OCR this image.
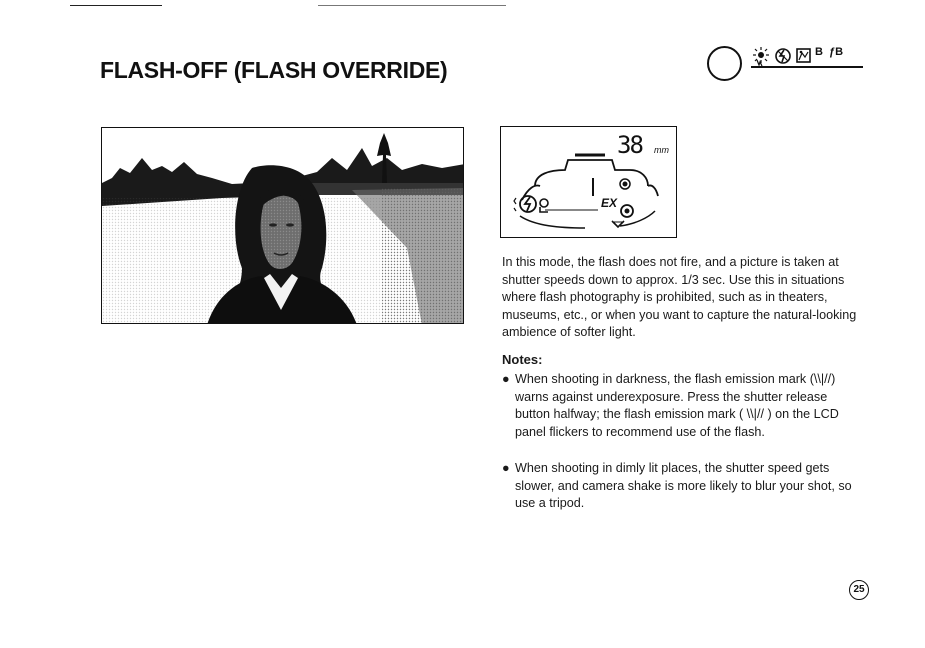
FLASH-OFF (FLASH OVERRIDE)
B ƒB
38 mm
EX

In this mode, the flash does not fire, and a picture is taken at shutter speeds down to approx. 1/3 sec. Use this in situations where flash photography is prohibited, such as in theaters, museums, etc., or when you want to capture the natural-looking ambience of softer light.

Notes:
● When shooting in darkness, the flash emission mark (\\|//) warns against underexposure. Press the shutter release button halfway; the flash emission mark ( \\|// ) on the LCD panel flickers to recommend use of the flash.
● When shooting in dimly lit places, the shutter speed gets slower, and camera shake is more likely to blur your shot, so use a tripod.
25
